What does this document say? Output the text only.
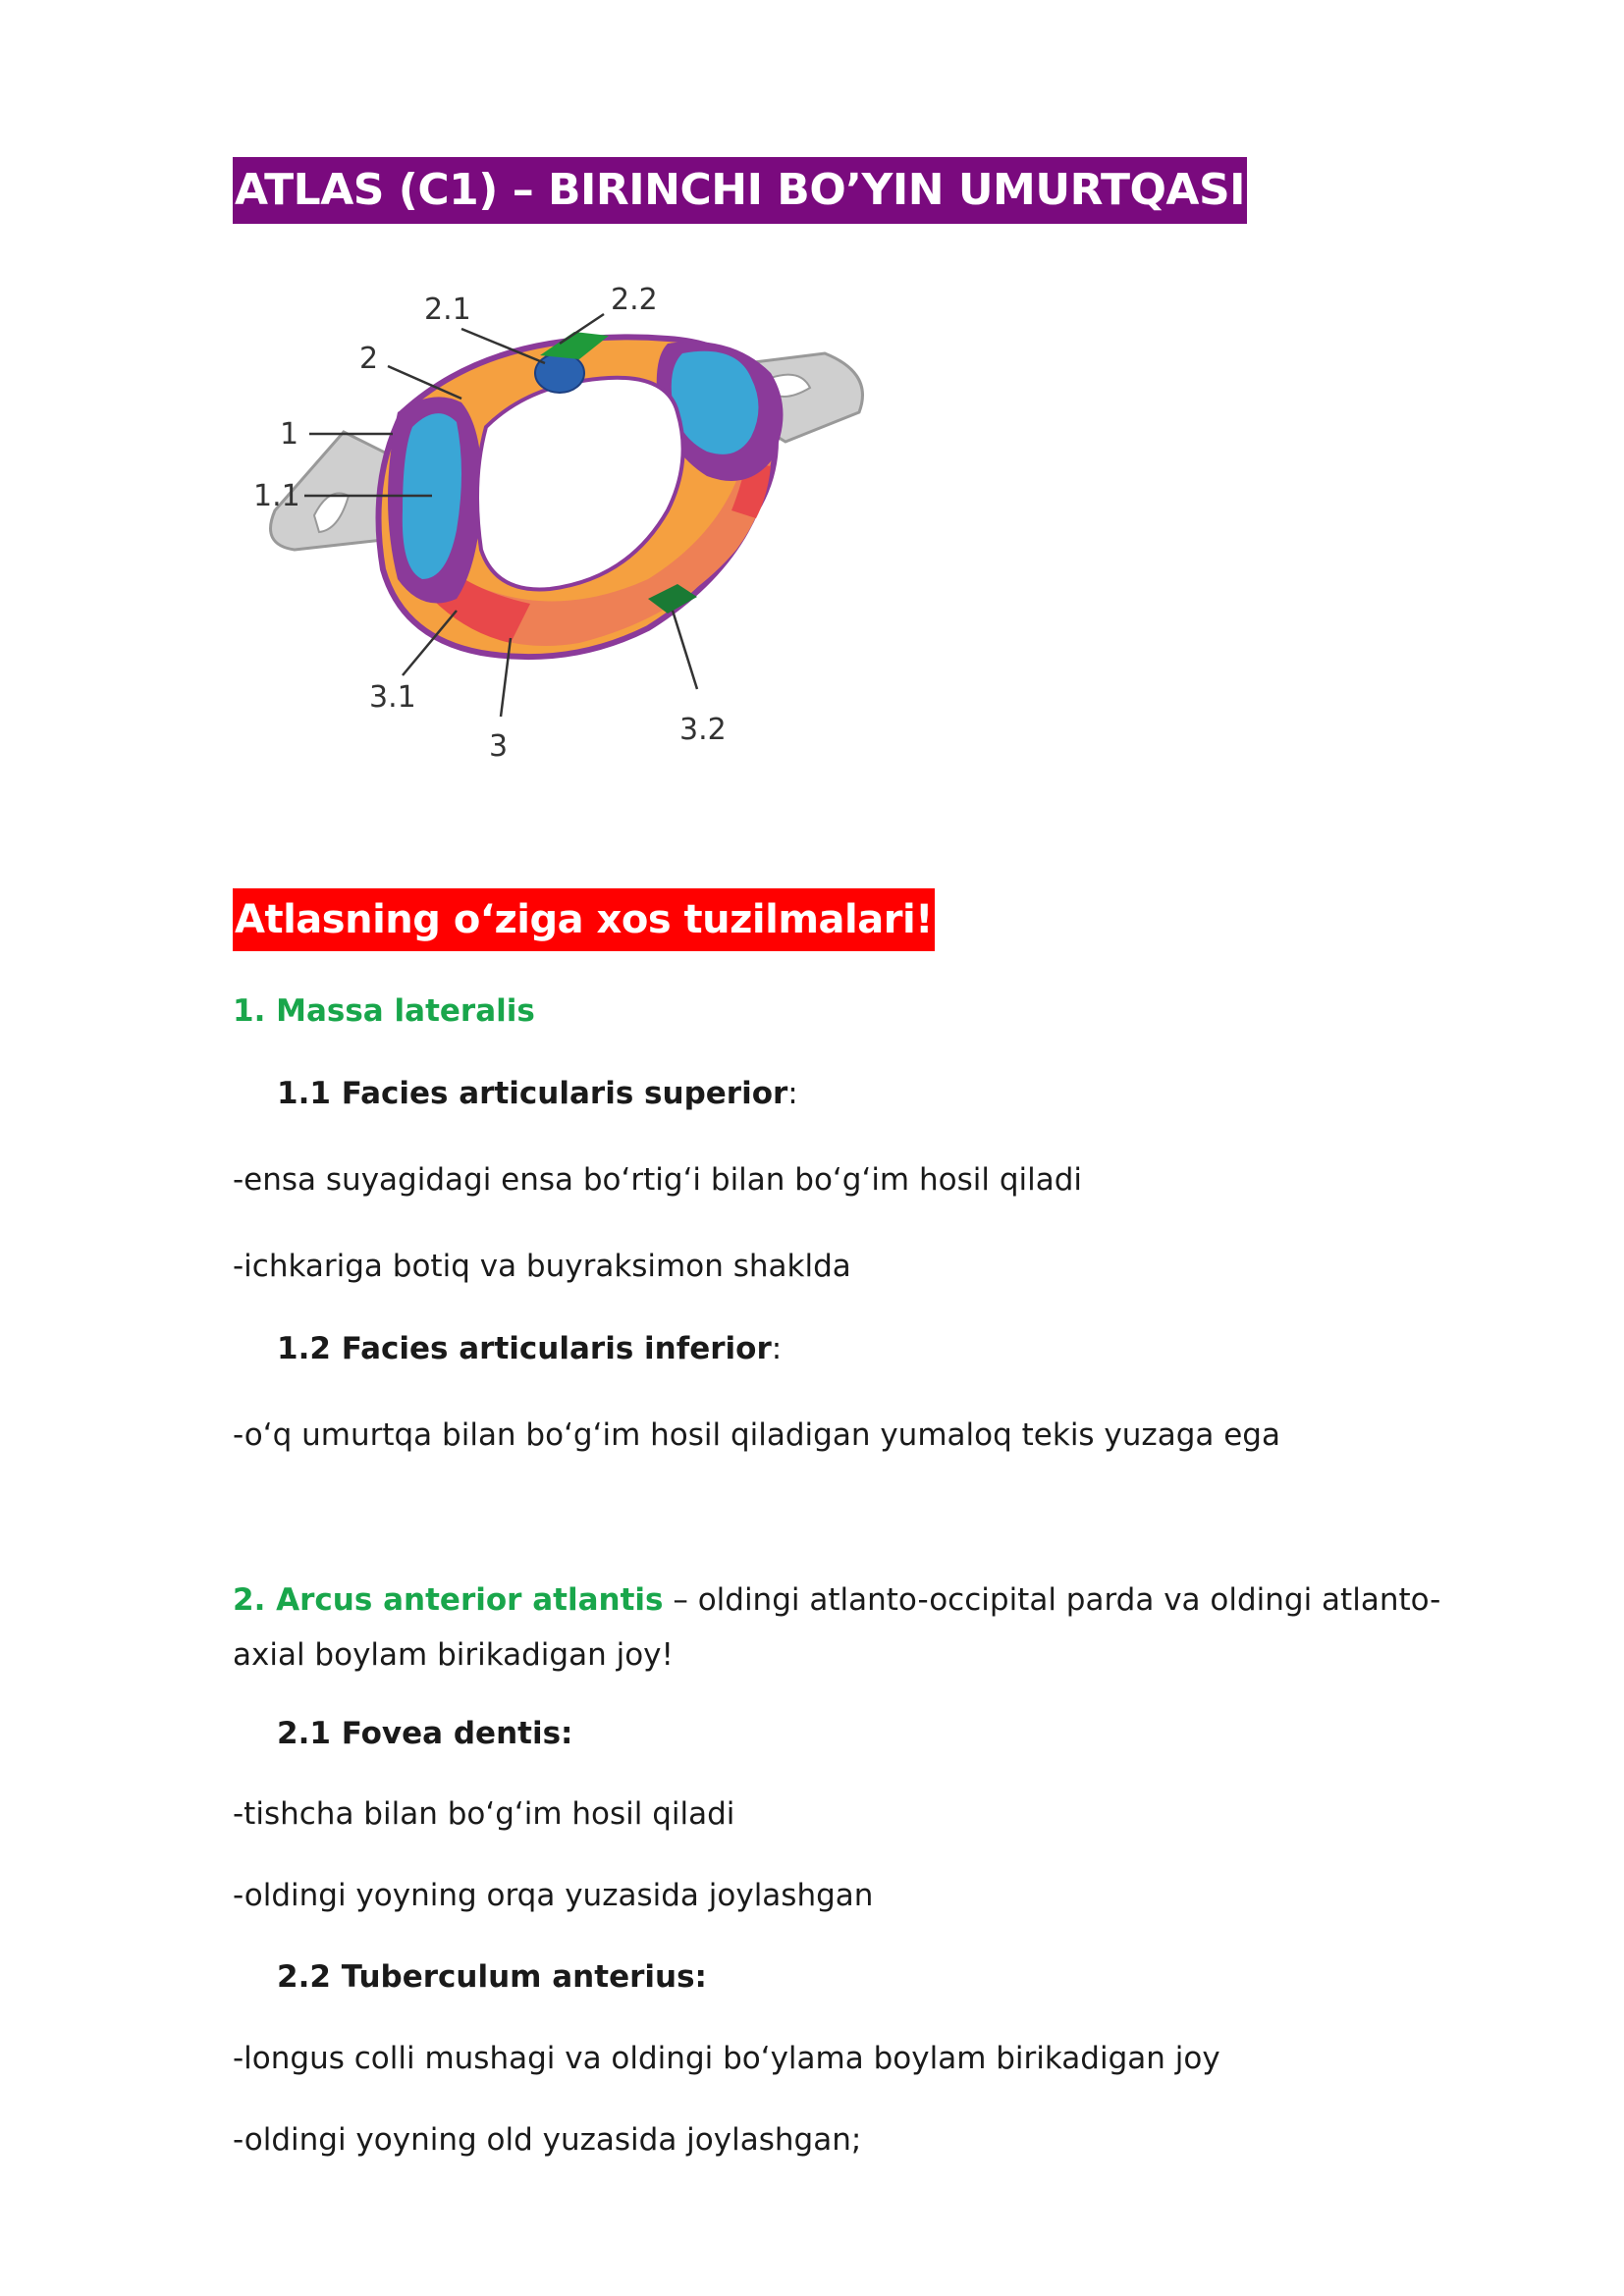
ATLAS (C1) – BIRINCHI BO’YIN UMURTQASI
1
1.1
2
2.1	2.2
3
3.1
3.2
Atlasning o‘ziga xos tuzilmalari!
1. Massa lateralis
1.1 Facies articularis superior:
-ensa suyagidagi ensa bo‘rtig‘i bilan bo‘g‘im hosil qiladi
-ichkariga botiq va buyraksimon shakldа
1.2 Facies articularis inferior:
-o‘q umurtqa bilan bo‘g‘im hosil qiladigan yumaloq tekis yuzaga ega
2. Arcus anterior atlantis – oldingi atlanto-occipital parda va oldingi atlanto-axial boylam birikadigan joy!
2.1 Fovea dentis:
-tishcha bilan bo‘g‘im hosil qiladi
-oldingi yoyning orqa yuzasida joylashgan
2.2 Tuberculum anterius:
-longus colli mushagi va oldingi bo‘ylama boylam birikadigan joy
-oldingi yoyning old yuzasida joylashgan;
